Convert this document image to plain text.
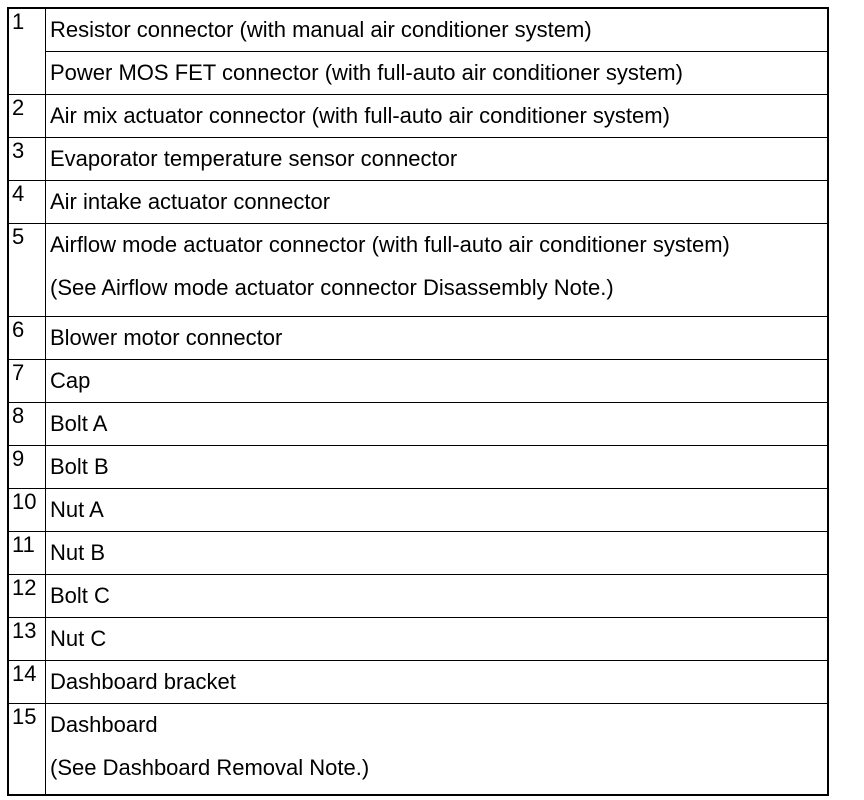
1	Resistor connector (with manual air conditioner system)
Power MOS FET connector (with full-auto air conditioner system)

2	Air mix actuator connector (with full-auto air conditioner system)

3	Evaporator temperature sensor connector

4	Air intake actuator connector

5	Airflow mode actuator connector (with full-auto air conditioner system)
(See Airflow mode actuator connector Disassembly Note.)

6	Blower motor connector

7	Cap

8	Bolt A

9	Bolt B

10	Nut A

11	Nut B

12	Bolt C

13	Nut C

14	Dashboard bracket

15	Dashboard
(See Dashboard Removal Note.)
